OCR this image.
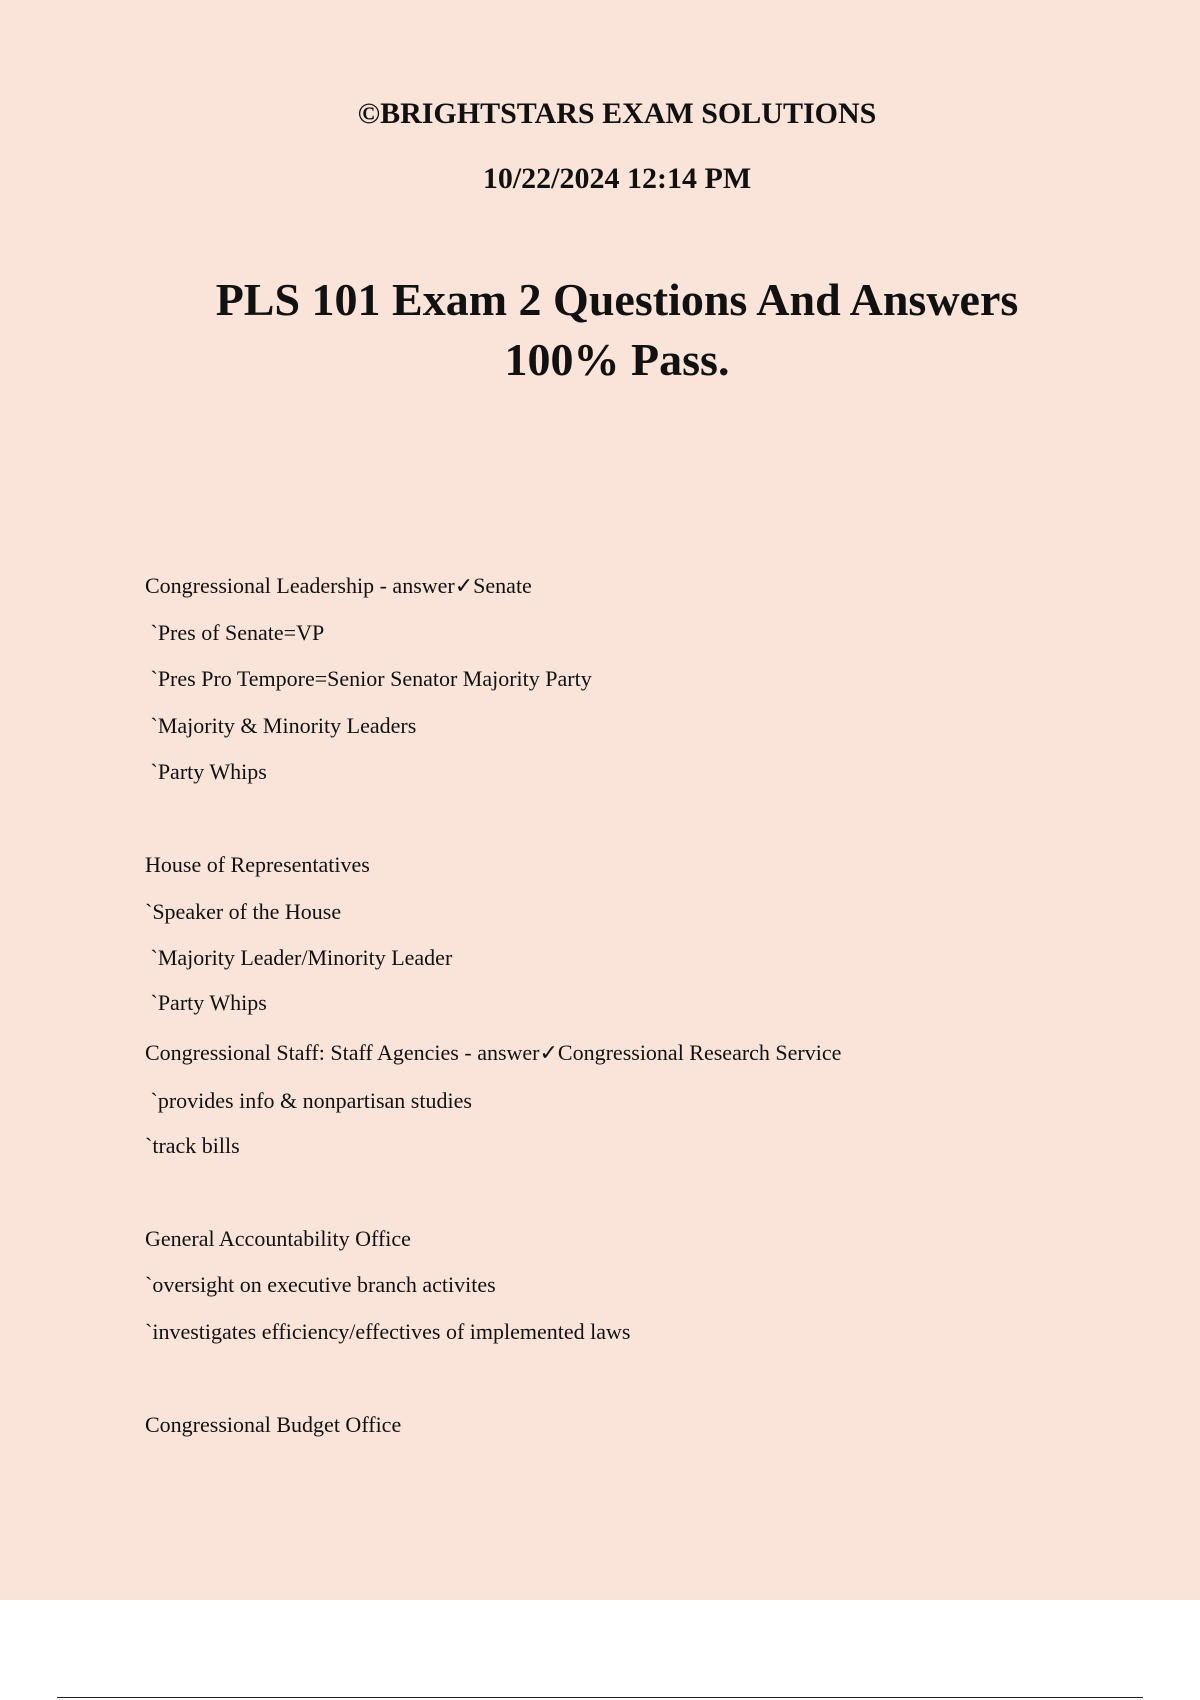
©BRIGHTSTARS EXAM SOLUTIONS
10/22/2024 12:14 PM
PLS 101 Exam 2 Questions And Answers
100% Pass.
Congressional Leadership - answer✓Senate
`Pres of Senate=VP
`Pres Pro Tempore=Senior Senator Majority Party
`Majority & Minority Leaders
`Party Whips
House of Representatives
`Speaker of the House
`Majority Leader/Minority Leader
`Party Whips
Congressional Staff: Staff Agencies - answer✓Congressional Research Service
`provides info & nonpartisan studies
`track bills
General Accountability Office
`oversight on executive branch activites
`investigates efficiency/effectives of implemented laws
Congressional Budget Office
